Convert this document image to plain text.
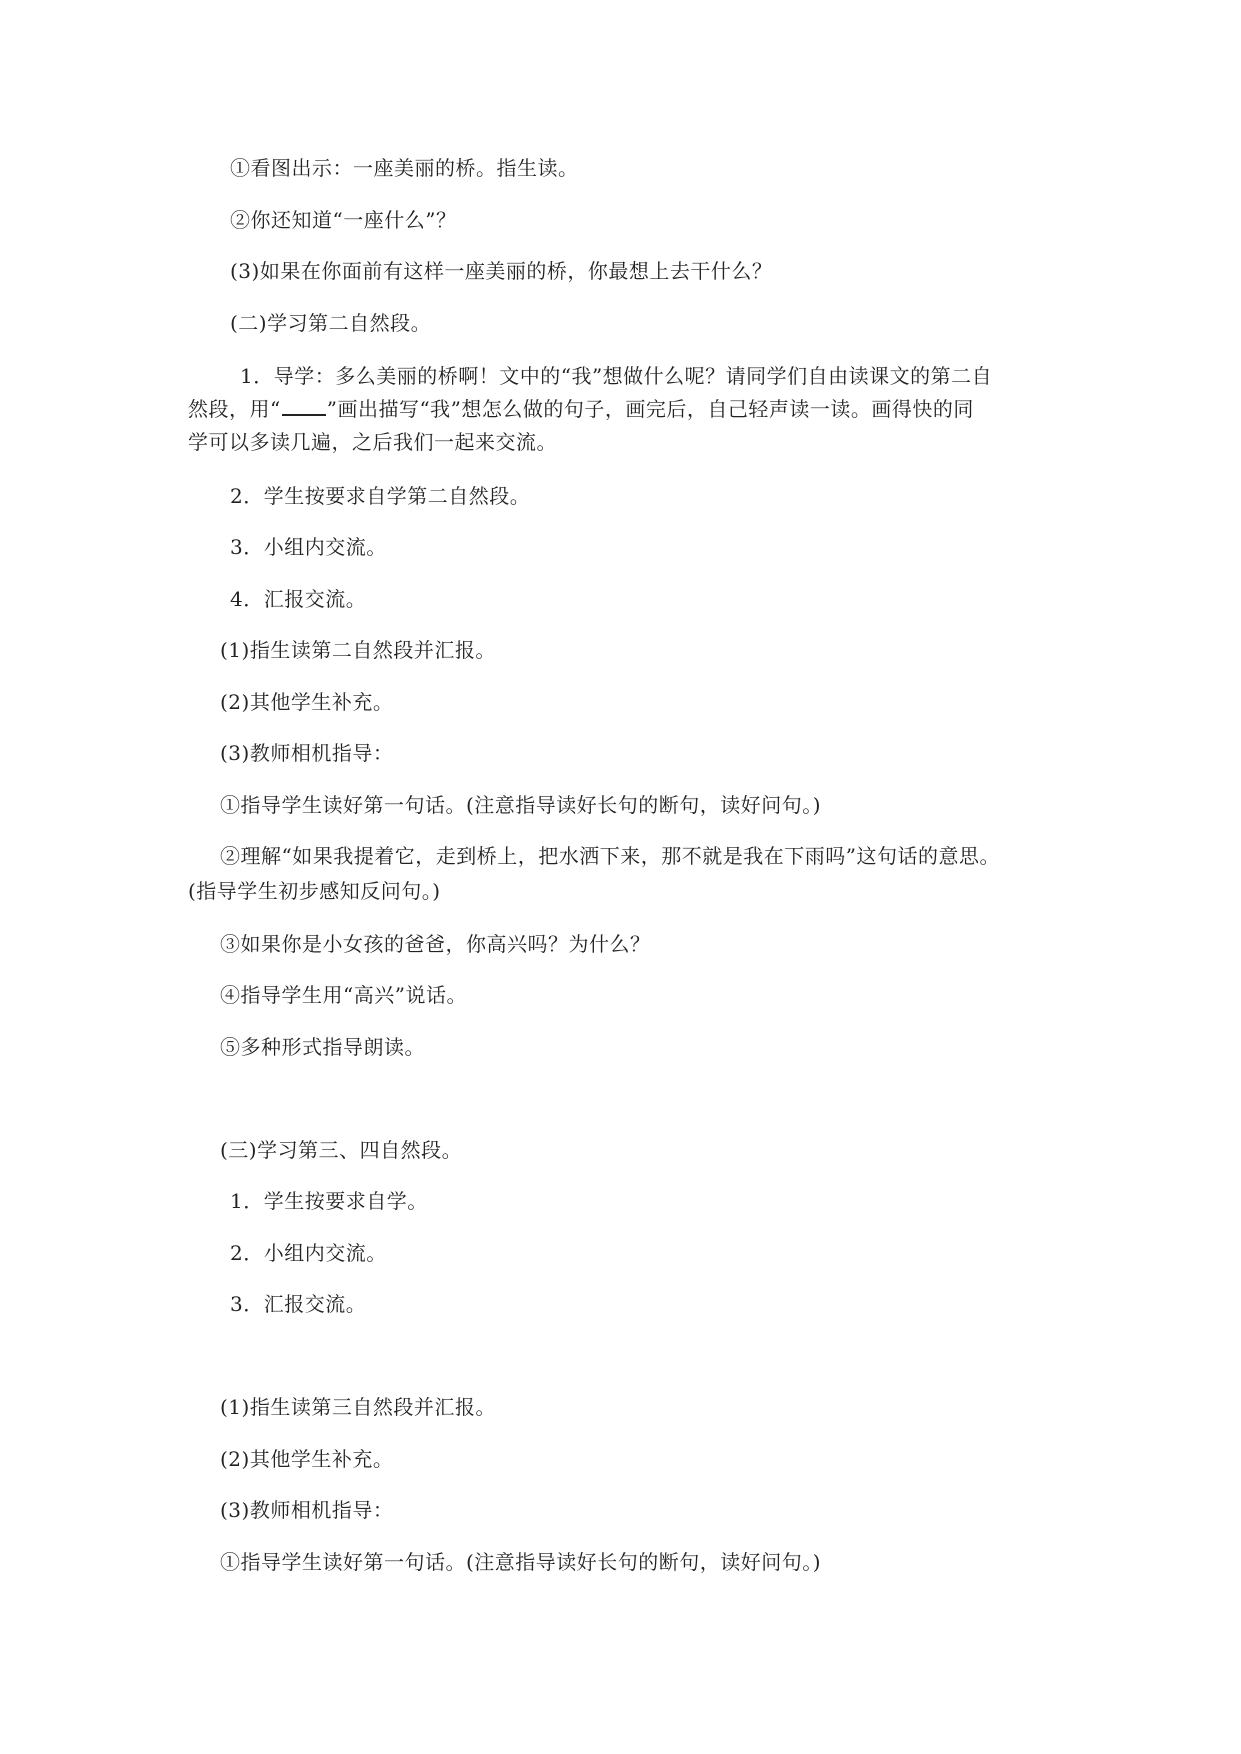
①看图出示：一座美丽的桥。指生读。
②你还知道“一座什么”？
(3)如果在你面前有这样一座美丽的桥，你最想上去干什么？
(二)学习第二自然段。
1．导学：多么美丽的桥啊！文中的“我”想做什么呢？请同学们自由读课文的第二自
然段，用“ ”画出描写“我”想怎么做的句子，画完后，自己轻声读一读。画得快的同
学可以多读几遍，之后我们一起来交流。
2．学生按要求自学第二自然段。
3．小组内交流。
4．汇报交流。
(1)指生读第二自然段并汇报。
(2)其他学生补充。
(3)教师相机指导：
①指导学生读好第一句话。(注意指导读好长句的断句，读好问句。)
②理解“如果我提着它，走到桥上，把水洒下来，那不就是我在下雨吗”这句话的意思。
(指导学生初步感知反问句。)
③如果你是小女孩的爸爸，你高兴吗？为什么？
④指导学生用“高兴”说话。
⑤多种形式指导朗读。
(三)学习第三、四自然段。
1．学生按要求自学。
2．小组内交流。
3．汇报交流。
(1)指生读第三自然段并汇报。
(2)其他学生补充。
(3)教师相机指导：
①指导学生读好第一句话。(注意指导读好长句的断句，读好问句。)
